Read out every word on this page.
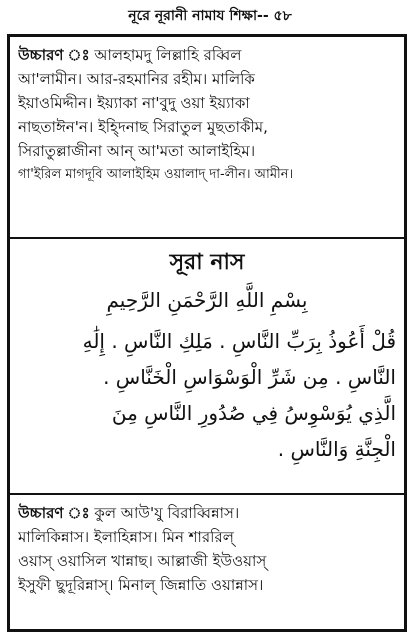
নূরে নূরানী নামায শিক্ষা-- ৫৮
উচ্চারণ ঃ আলহামদু লিল্লাহি রব্বিল
আ'লামীন। আর-রহমানির রহীম। মালিকি
ইয়াওমিদ্দীন। ইয়্যাকা না'বুদু ওয়া ইয়্যাকা
নাছতাঈন'ন। ইহ্দিনাছ সিরাতুল মুছতাকীম,
সিরাতুল্লাজীনা আন্ আ'মতা আলাইহিম।
গা'ইরিল মাগদূবি আলাইহিম ওয়ালাদ্ দা-লীন। আমীন।
সূরা নাস
بِسْمِ اللَّهِ الرَّحْمَنِ الرَّحِيمِ
قُلْ أَعُوذُ بِرَبِّ النَّاسِ . مَلِكِ النَّاسِ . إِلَٰهِ
النَّاسِ . مِن شَرِّ الْوَسْوَاسِ الْخَنَّاسِ .
الَّذِي يُوَسْوِسُ فِي صُدُورِ النَّاسِ مِنَ
الْجِنَّةِ وَالنَّاسِ .
উচ্চারণ ঃ কুল আউ'যু বিরাব্বিন্নাস।
মালিকিন্নাস। ইলাহিন্নাস। মিন শাররিল্
ওয়াস্ ওয়াসিল খান্নাছ। আল্লাজী ইউওয়াস্
ইসুফী ছুদূরিন্নাস্। মিনাল্ জিন্নাতি ওয়ান্নাস।
